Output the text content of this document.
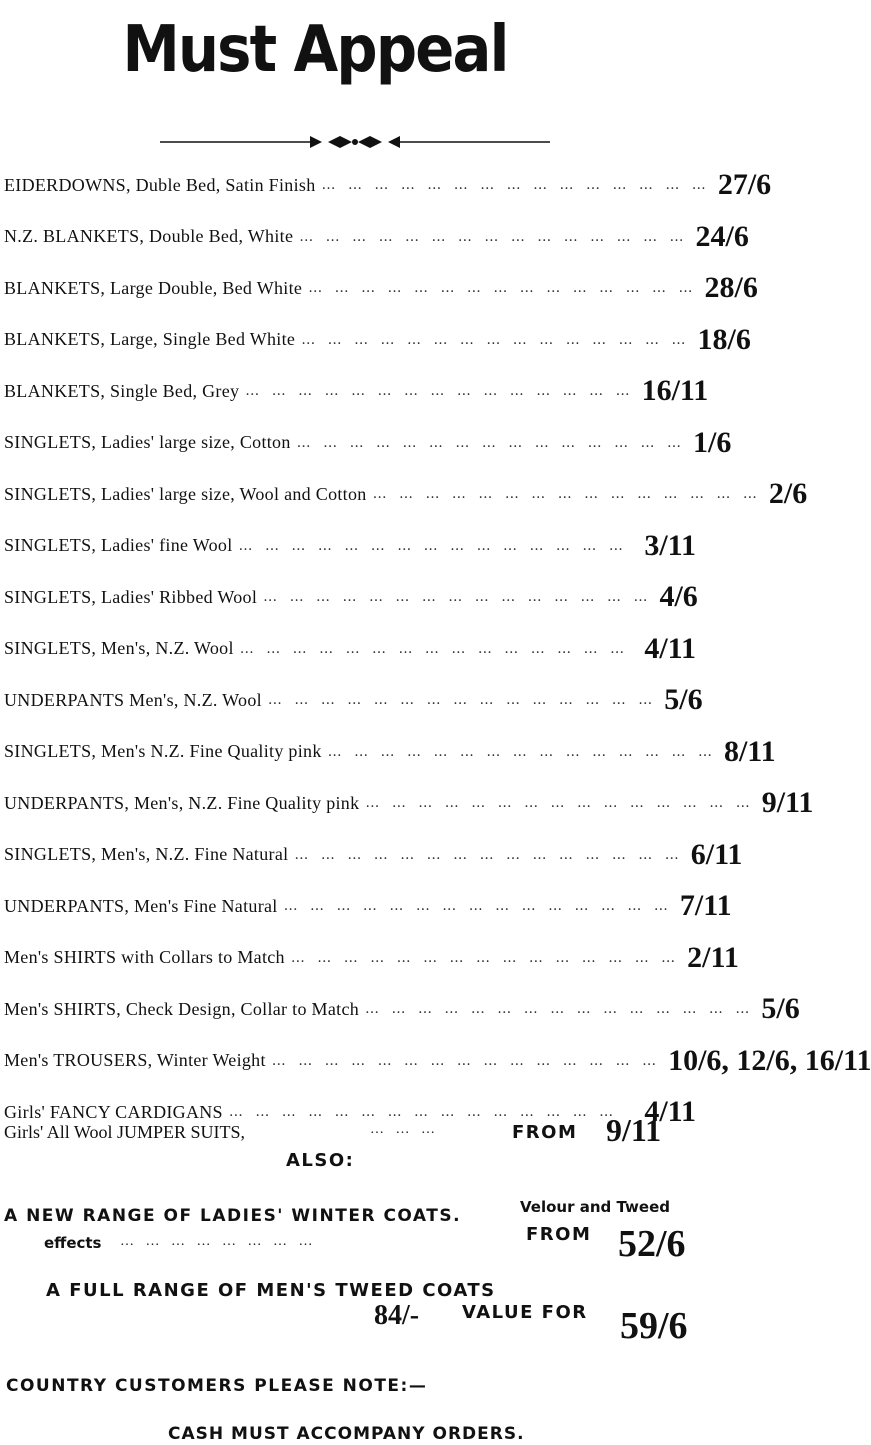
Must Appeal
EIDERDOWNS, Duble Bed, Satin Finish … … … … … … … … … … … … … … … 27/6
N.Z. BLANKETS, Double Bed, White … … … … … … … … … … … … … … … 24/6
BLANKETS, Large Double, Bed White … … … … … … … … … … … … … … … 28/6
BLANKETS, Large, Single Bed White … … … … … … … … … … … … … … … 18/6
BLANKETS, Single Bed, Grey … … … … … … … … … … … … … … … 16/11
SINGLETS, Ladies' large size, Cotton … … … … … … … … … … … … … … … 1/6
SINGLETS, Ladies' large size, Wool and Cotton … … … … … … … … … … … … … … … 2/6
SINGLETS, Ladies' fine Wool … … … … … … … … … … … … … … … 3/11
SINGLETS, Ladies' Ribbed Wool … … … … … … … … … … … … … … … 4/6
SINGLETS, Men's, N.Z. Wool … … … … … … … … … … … … … … … 4/11
UNDERPANTS Men's, N.Z. Wool … … … … … … … … … … … … … … … 5/6
SINGLETS, Men's N.Z. Fine Quality pink … … … … … … … … … … … … … … … 8/11
UNDERPANTS, Men's, N.Z. Fine Quality pink … … … … … … … … … … … … … … … 9/11
SINGLETS, Men's, N.Z. Fine Natural … … … … … … … … … … … … … … … 6/11
UNDERPANTS, Men's Fine Natural … … … … … … … … … … … … … … … 7/11
Men's SHIRTS with Collars to Match … … … … … … … … … … … … … … … 2/11
Men's SHIRTS, Check Design, Collar to Match … … … … … … … … … … … … … … … 5/6
Men's TROUSERS, Winter Weight … … … … … … … … … … … … … … … 10/6, 12/6, 16/11
Girls' FANCY CARDIGANS … … … … … … … … … … … … … … … 4/11
Girls' All Wool JUMPER SUITS,	… … …	FROM 9/11
ALSO:
A NEW RANGE OF LADIES' WINTER COATS.	Velour and Tweed
effects … … … … … … … …	FROM 52/6
A FULL RANGE OF MEN'S TWEED COATS
84/- VALUE FOR 59/6
COUNTRY CUSTOMERS PLEASE NOTE:—
CASH MUST ACCOMPANY ORDERS.
